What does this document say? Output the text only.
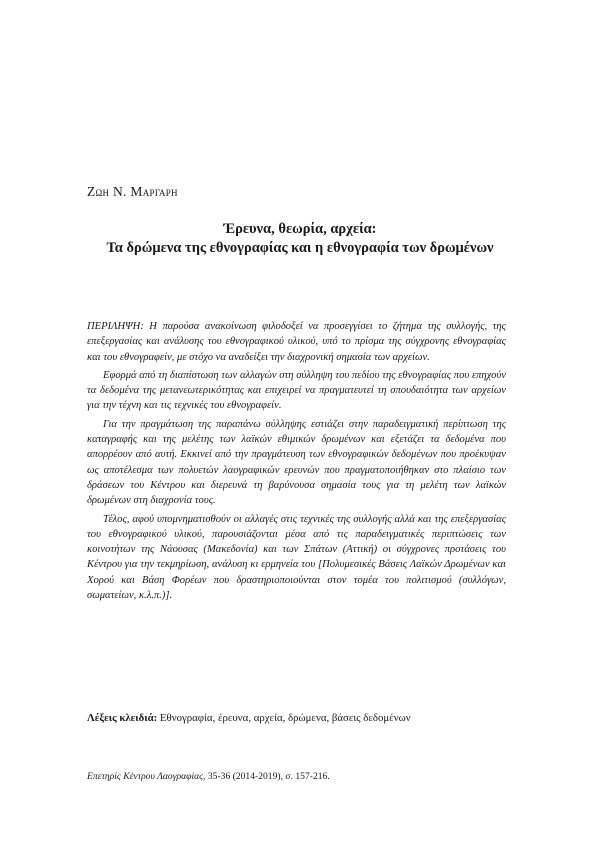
Ζωη Ν. Μαργαρη
Έρευνα, θεωρία, αρχεία:
Τα δρώμενα της εθνογραφίας και η εθνογραφία των δρωμένων

ΠΕΡΙΛΗΨΗ: Η παρούσα ανακοίνωση φιλοδοξεί να προσεγγίσει το ζήτημα της συλλογής, της επεξεργασίας και ανάλυσης του εθνογραφικού υλικού, υπό το πρίσμα της σύγχρονης εθνογραφίας και του εθνογραφείν, με στόχο να αναδείξει την διαχρονική σημασία των αρχείων.

Εφορμά από τη διαπίστωση των αλλαγών στη σύλληψη του πεδίου της εθνογραφίας που επηχούν τα δεδομένα της μετανεωτερικότητας και επιχειρεί να πραγματευτεί τη σπουδαιότητα των αρχείων για την τέχνη και τις τεχνικές του εθνογραφείν.

Για την πραγμάτωση της παραπάνω σύλληψης εστιάζει στην παραδειγματική περίπτωση της καταγραφής και της μελέτης των λαϊκών εθιμικών δρωμένων και εξετάζει τα δεδομένα που απορρέουν από αυτή. Εκκινεί από την πραγμάτευση των εθνογραφικών δεδομένων που προέκυψαν ως αποτέλεσμα των πολυετών λαογραφικών ερευνών που πραγματοποιήθηκαν στο πλαίσιο των δράσεων του Κέντρου και διερευνά τη βαρύνουσα σημασία τους για τη μελέτη των λαϊκών δρωμένων στη διαχρονία τους.

Τέλος, αφού υπομνηματισθούν οι αλλαγές στις τεχνικές της συλλογής αλλά και της επεξεργασίας του εθνογραφικού υλικού, παρουσιάζονται μέσα από τις παραδειγματικές περιπτώσεις των κοινοτήτων της Νάουσας (Μακεδονία) και των Σπάτων (Αττική) οι σύγχρονες προτάσεις του Κέντρου για την τεκμηρίωση, ανάλυση κι ερμηνεία του [Πολυμεσικές Βάσεις Λαϊκών Δρωμένων και Χορού και Βάση Φορέων που δραστηριοποιούνται στον τομέα του πολιτισμού (συλλόγων, σωματείων, κ.λ.π.)].

Λέξεις κλειδιά: Εθνογραφία, έρευνα, αρχεία, δρώμενα, βάσεις δεδομένων
Επετηρίς Κέντρου Λαογραφίας, 35-36 (2014-2019), σ. 157-216.
